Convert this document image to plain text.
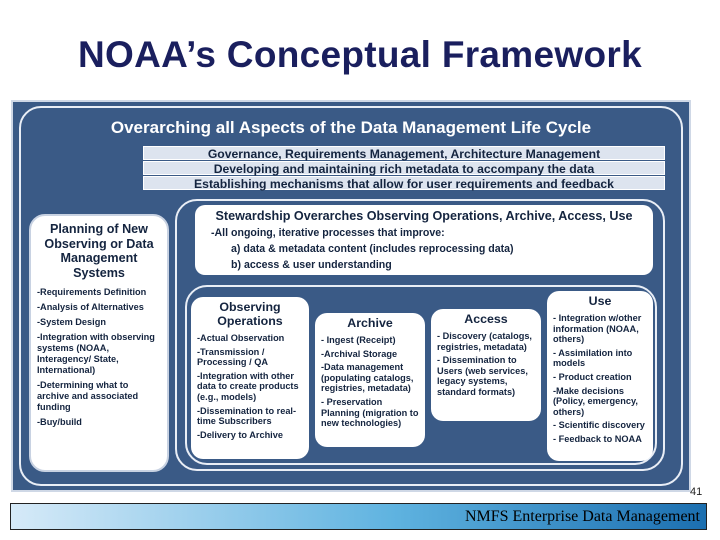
NOAA’s Conceptual Framework
Overarching all Aspects of the Data Management Life Cycle
Governance, Requirements Management, Architecture Management
Developing and maintaining rich metadata to accompany the data
Establishing mechanisms that allow for user requirements and feedback
Planning of New
Observing or Data
Management
Systems
-Requirements Definition
-Analysis of Alternatives
-System Design
-Integration with observing systems (NOAA, Interagency/ State, International)
-Determining what to archive and associated funding
-Buy/build
Stewardship Overarches Observing Operations, Archive, Access, Use
-All ongoing, iterative processes that improve:
a) data & metadata content (includes reprocessing data)
b) access & user understanding
Observing
Operations
-Actual Observation
-Transmission / Processing / QA
-Integration with other data to create products (e.g., models)
-Dissemination to real-time Subscribers
-Delivery to Archive
Archive
- Ingest (Receipt)
-Archival Storage
-Data management (populating catalogs, registries, metadata)
- Preservation Planning (migration to new technologies)
Access
- Discovery (catalogs, registries, metadata)
- Dissemination to Users (web services, legacy systems, standard formats)
Use
- Integration w/other information (NOAA, others)
- Assimilation into models
- Product creation
-Make decisions (Policy, emergency, others)
- Scientific discovery
- Feedback to NOAA
41
NMFS Enterprise Data Management
